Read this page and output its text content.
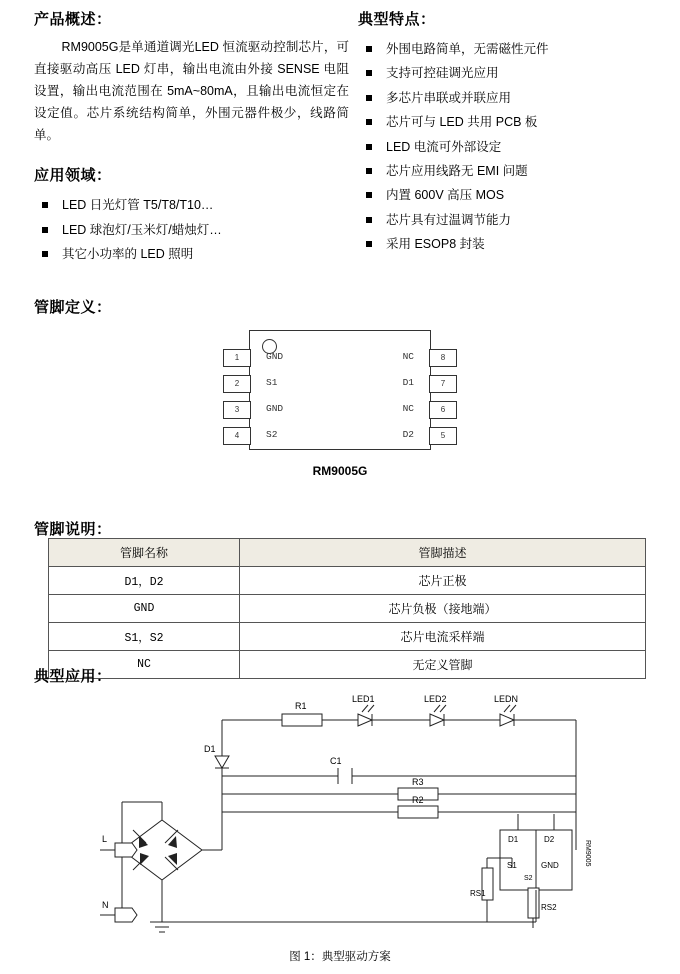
产品概述：
RM9005G是单通道调光LED 恒流驱动控制芯片，可直接驱动高压 LED 灯串，输出电流由外接 SENSE 电阻设置，输出电流范围在 5mA~80mA，且输出电流恒定在设定值。芯片系统结构简单，外围元器件极少，线路简单。
应用领域：
LED 日光灯管 T5/T8/T10…
LED 球泡灯/玉米灯/蜡烛灯…
其它小功率的 LED 照明
典型特点：
外围电路简单，无需磁性元件
支持可控硅调光应用
多芯片串联或并联应用
芯片可与 LED 共用 PCB 板
LED 电流可外部设定
芯片应用线路无 EMI 问题
内置 600V 高压 MOS
芯片具有过温调节能力
采用 ESOP8 封装
管脚定义：
1	GND	NC	8
2	S1	D1	7
3	GND	NC	6
4	S2	D2	5
RM9005G
管脚说明：
管脚名称	管脚描述
D1，D2	芯片正极
GND	芯片负极（接地端）
S1，S2	芯片电流采样端
NC	无定义管脚
典型应用：
R1
LED1	LED2	LEDN
C1
D1
R3
R2
L
N
D1	D2
S1
S2
GND
RS1
RS2
RM9005
图 1：典型驱动方案
